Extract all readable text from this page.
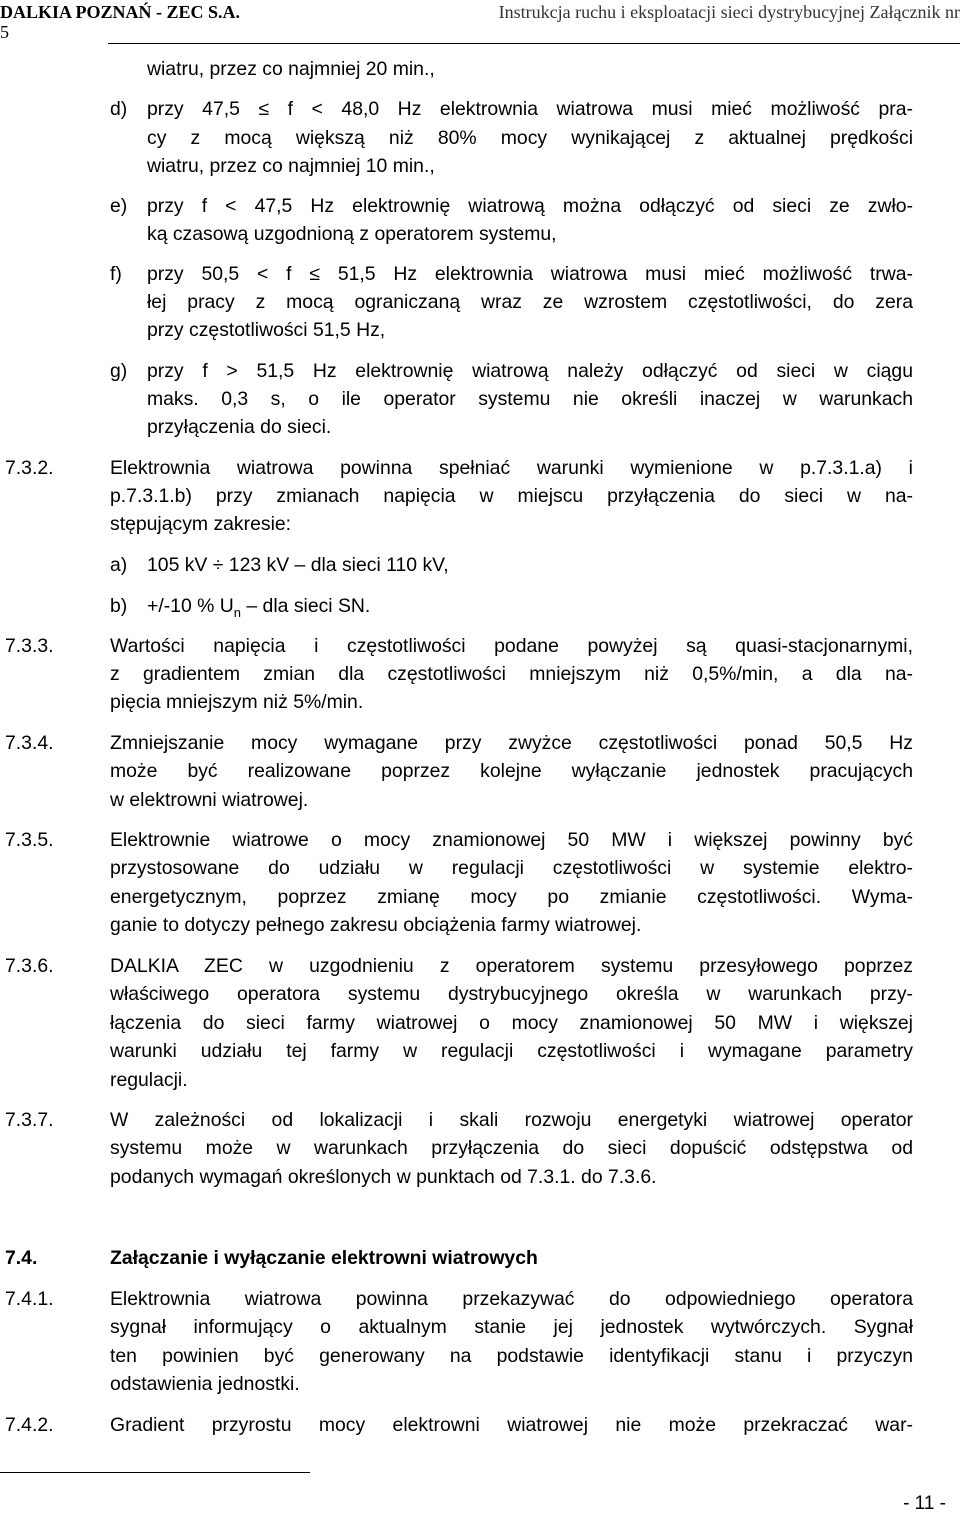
DALKIA POZNAŃ - ZEC S.A.	Instrukcja ruchu i eksploatacji sieci dystrybucyjnej Załącznik nr
5
wiatru, przez co najmniej 20 min.,
d) przy 47,5 ≤ f < 48,0 Hz elektrownia wiatrowa musi mieć możliwość pra-
cy z mocą większą niż 80% mocy wynikającej z aktualnej prędkości
wiatru, przez co najmniej 10 min.,
e) przy f < 47,5 Hz elektrownię wiatrową można odłączyć od sieci ze zwło-
ką czasową uzgodnioną z operatorem systemu,
f) przy 50,5 < f ≤ 51,5 Hz elektrownia wiatrowa musi mieć możliwość trwa-
łej pracy z mocą ograniczaną wraz ze wzrostem częstotliwości, do zera
przy częstotliwości 51,5 Hz,
g) przy f > 51,5 Hz elektrownię wiatrową należy odłączyć od sieci w ciągu
maks. 0,3 s, o ile operator systemu nie określi inaczej w warunkach
przyłączenia do sieci.
7.3.2.	Elektrownia wiatrowa powinna spełniać warunki wymienione w p.7.3.1.a) i
p.7.3.1.b) przy zmianach napięcia w miejscu przyłączenia do sieci w na-
stępującym zakresie:
a) 105 kV ÷ 123 kV – dla sieci 110 kV,
b) +/-10 % $U_n$ – dla sieci SN.
7.3.3.	Wartości napięcia i częstotliwości podane powyżej są quasi-stacjonarnymi,
z gradientem zmian dla częstotliwości mniejszym niż 0,5%/min, a dla na-
pięcia mniejszym niż 5%/min.
7.3.4.	Zmniejszanie mocy wymagane przy zwyżce częstotliwości ponad 50,5 Hz
może być realizowane poprzez kolejne wyłączanie jednostek pracujących
w elektrowni wiatrowej.
7.3.5.	Elektrownie wiatrowe o mocy znamionowej 50 MW i większej powinny być
przystosowane do udziału w regulacji częstotliwości w systemie elektro-
energetycznym, poprzez zmianę mocy po zmianie częstotliwości. Wyma-
ganie to dotyczy pełnego zakresu obciążenia farmy wiatrowej.
7.3.6.	DALKIA ZEC w uzgodnieniu z operatorem systemu przesyłowego poprzez
właściwego operatora systemu dystrybucyjnego określa w warunkach przy-
łączenia do sieci farmy wiatrowej o mocy znamionowej 50 MW i większej
warunki udziału tej farmy w regulacji częstotliwości i wymagane parametry
regulacji.
7.3.7.	W zależności od lokalizacji i skali rozwoju energetyki wiatrowej operator
systemu może w warunkach przyłączenia do sieci dopuścić odstępstwa od
podanych wymagań określonych w punktach od 7.3.1. do 7.3.6.
7.4.	Załączanie i wyłączanie elektrowni wiatrowych
7.4.1.	Elektrownia wiatrowa powinna przekazywać do odpowiedniego operatora
sygnał informujący o aktualnym stanie jej jednostek wytwórczych. Sygnał
ten powinien być generowany na podstawie identyfikacji stanu i przyczyn
odstawienia jednostki.
7.4.2.	Gradient przyrostu mocy elektrowni wiatrowej nie może przekraczać war-
- 11 -
